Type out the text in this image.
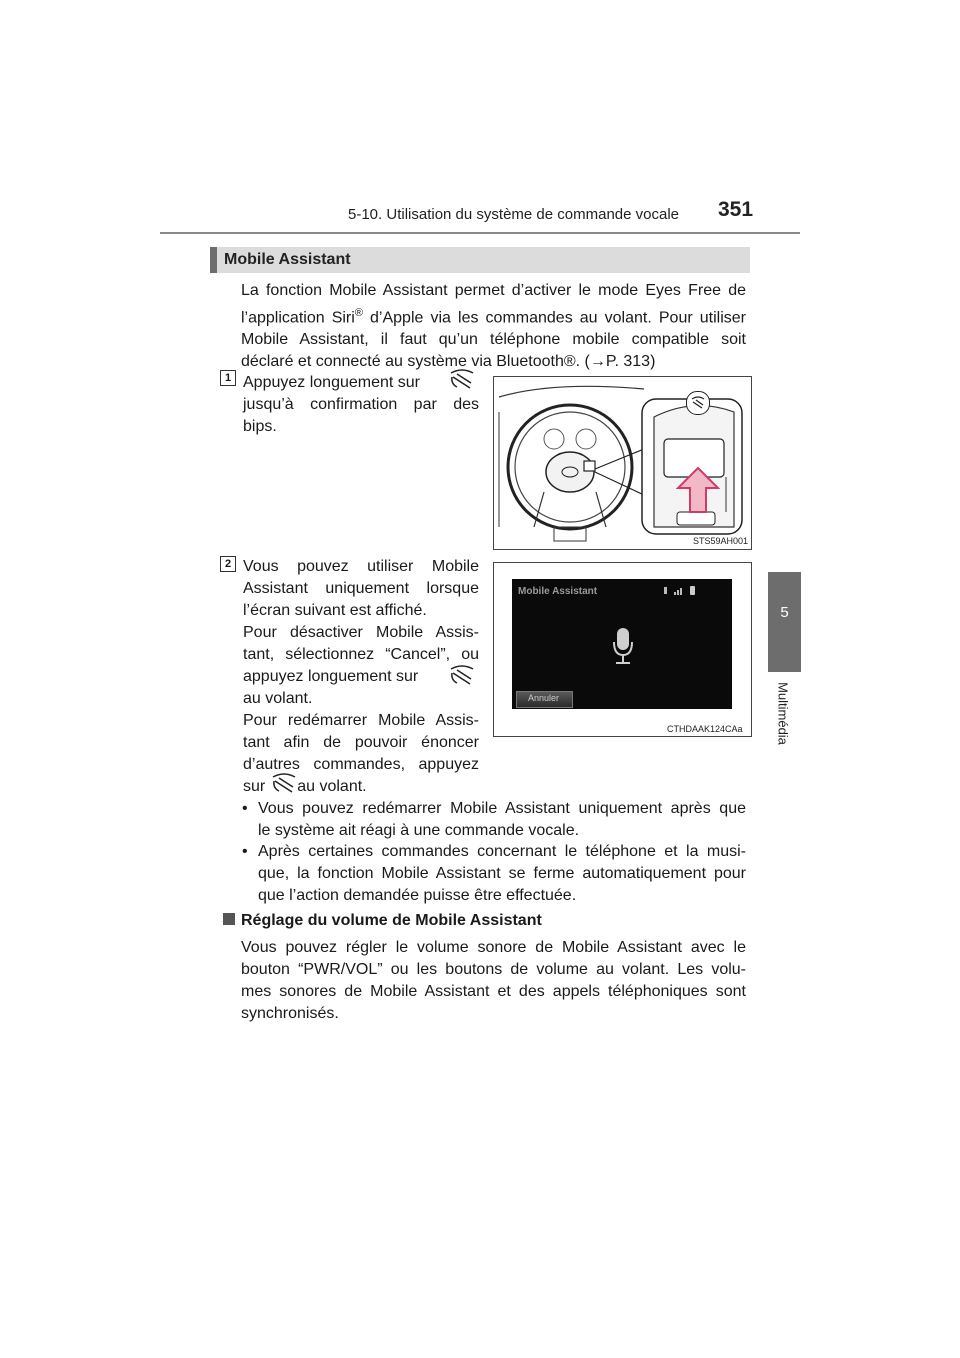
5-10. Utilisation du système de commande vocale 351
5
Multimédia
Mobile Assistant
La fonction Mobile Assistant permet d’activer le mode Eyes Free de
l’application Siri® d’Apple via les commandes au volant. Pour utiliser
Mobile Assistant, il faut qu’un téléphone mobile compatible soit
déclaré et connecté au système via Bluetooth®. (→P. 313)
1 Appuyez longuement sur
jusqu’à confirmation par des
bips.
STS59AH001
2 Vous pouvez utiliser Mobile
Assistant uniquement lorsque
l’écran suivant est affiché.
Pour désactiver Mobile Assis-
tant, sélectionnez “Cancel”, ou
appuyez longuement sur
au volant.
Pour redémarrer Mobile Assis-
tant afin de pouvoir énoncer
d’autres commandes, appuyez
sur au volant.
Mobile Assistant
Annuler
CTHDAAK124CAa
• Vous pouvez redémarrer Mobile Assistant uniquement après que
le système ait réagi à une commande vocale.
• Après certaines commandes concernant le téléphone et la musi-
que, la fonction Mobile Assistant se ferme automatiquement pour
que l’action demandée puisse être effectuée.
Réglage du volume de Mobile Assistant
Vous pouvez régler le volume sonore de Mobile Assistant avec le
bouton “PWR/VOL” ou les boutons de volume au volant. Les volu-
mes sonores de Mobile Assistant et des appels téléphoniques sont
synchronisés.
